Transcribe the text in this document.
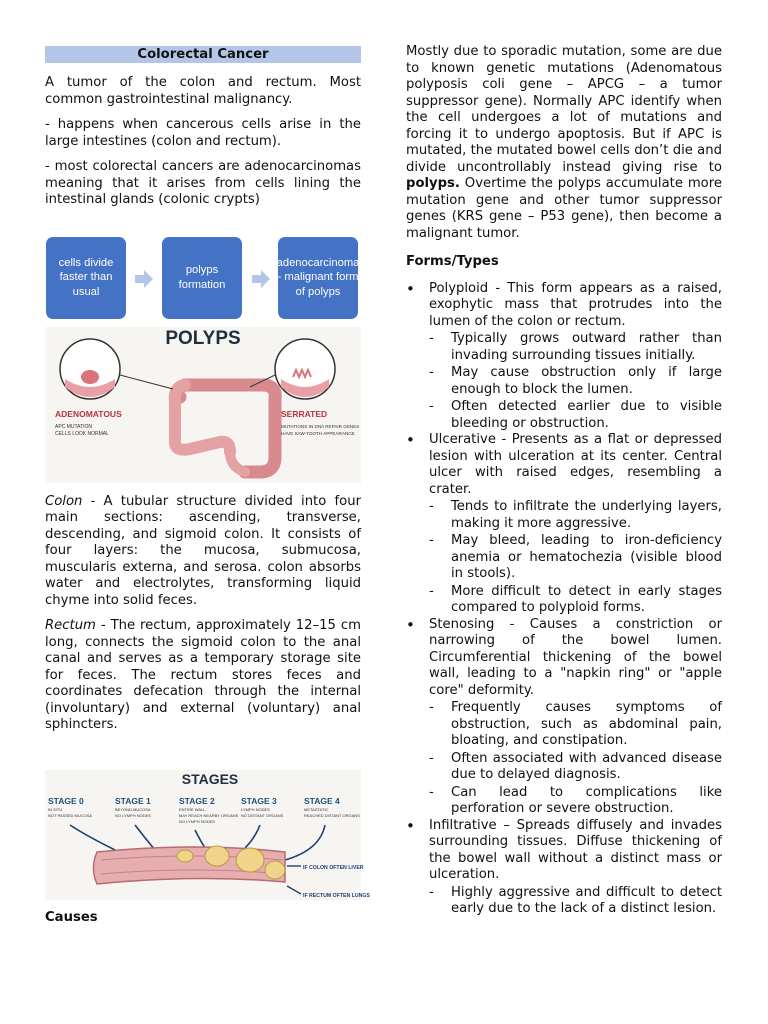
Colorectal Cancer

A tumor of the colon and rectum. Most common gastrointestinal malignancy.

- happens when cancerous cells arise in the large intestines (colon and rectum).

- most colorectal cancers are adenocarcinomas meaning that it arises from cells lining the intestinal glands (colonic crypts)

cells divide faster than usual
polyps formation
adenocarcinoma - malignant form of polyps
POLYPS
ADENOMATOUS
APC MUTATION
CELLS LOOK NORMAL
SERRATED
MUTATIONS IN DNA REPAIR GENES
HAVE SAW-TOOTH APPEARANCE

Colon - A tubular structure divided into four main sections: ascending, transverse, descending, and sigmoid colon. It consists of four layers: the mucosa, submucosa, muscularis externa, and serosa. colon absorbs water and electrolytes, transforming liquid chyme into solid feces.

Rectum - The rectum, approximately 12–15 cm long, connects the sigmoid colon to the anal canal and serves as a temporary storage site for feces. The rectum stores feces and coordinates defecation through the internal (involuntary) and external (voluntary) anal sphincters.

STAGES
STAGE 0
IN SITU
NOT PASSED MUCOSA
STAGE 1
BEYOND MUCOSA
NO LYMPH NODES
STAGE 2
ENTIRE WALL
MAY REACH NEARBY ORGANS
NO LYMPH NODES
STAGE 3
LYMPH NODES
NO DISTANT ORGANS
STAGE 4
METASTATIC
REACHED DISTANT ORGANS
IF COLON OFTEN LIVER
IF RECTUM OFTEN LUNGS
Causes

Mostly due to sporadic mutation, some are due to known genetic mutations (Adenomatous polyposis coli gene – APCG – a tumor suppressor gene). Normally APC identify when the cell undergoes a lot of mutations and forcing it to undergo apoptosis. But if APC is mutated, the mutated bowel cells don’t die and divide uncontrollably instead giving rise to polyps. Overtime the polyps accumulate more mutation gene and other tumor suppressor genes (KRS gene – P53 gene), then become a malignant tumor.

Forms/Types
• Polyploid - This form appears as a raised, exophytic mass that protrudes into the lumen of the colon or rectum.
- Typically grows outward rather than invading surrounding tissues initially.
- May cause obstruction only if large enough to block the lumen.
- Often detected earlier due to visible bleeding or obstruction.
• Ulcerative - Presents as a flat or depressed lesion with ulceration at its center. Central ulcer with raised edges, resembling a crater.
- Tends to infiltrate the underlying layers, making it more aggressive.
- May bleed, leading to iron-deficiency anemia or hematochezia (visible blood in stools).
- More difficult to detect in early stages compared to polyploid forms.
• Stenosing - Causes a constriction or narrowing of the bowel lumen. Circumferential thickening of the bowel wall, leading to a "napkin ring" or "apple core" deformity.
- Frequently causes symptoms of obstruction, such as abdominal pain, bloating, and constipation.
- Often associated with advanced disease due to delayed diagnosis.
- Can lead to complications like perforation or severe obstruction.
• Infiltrative – Spreads diffusely and invades surrounding tissues. Diffuse thickening of the bowel wall without a distinct mass or ulceration.
- Highly aggressive and difficult to detect early due to the lack of a distinct lesion.
